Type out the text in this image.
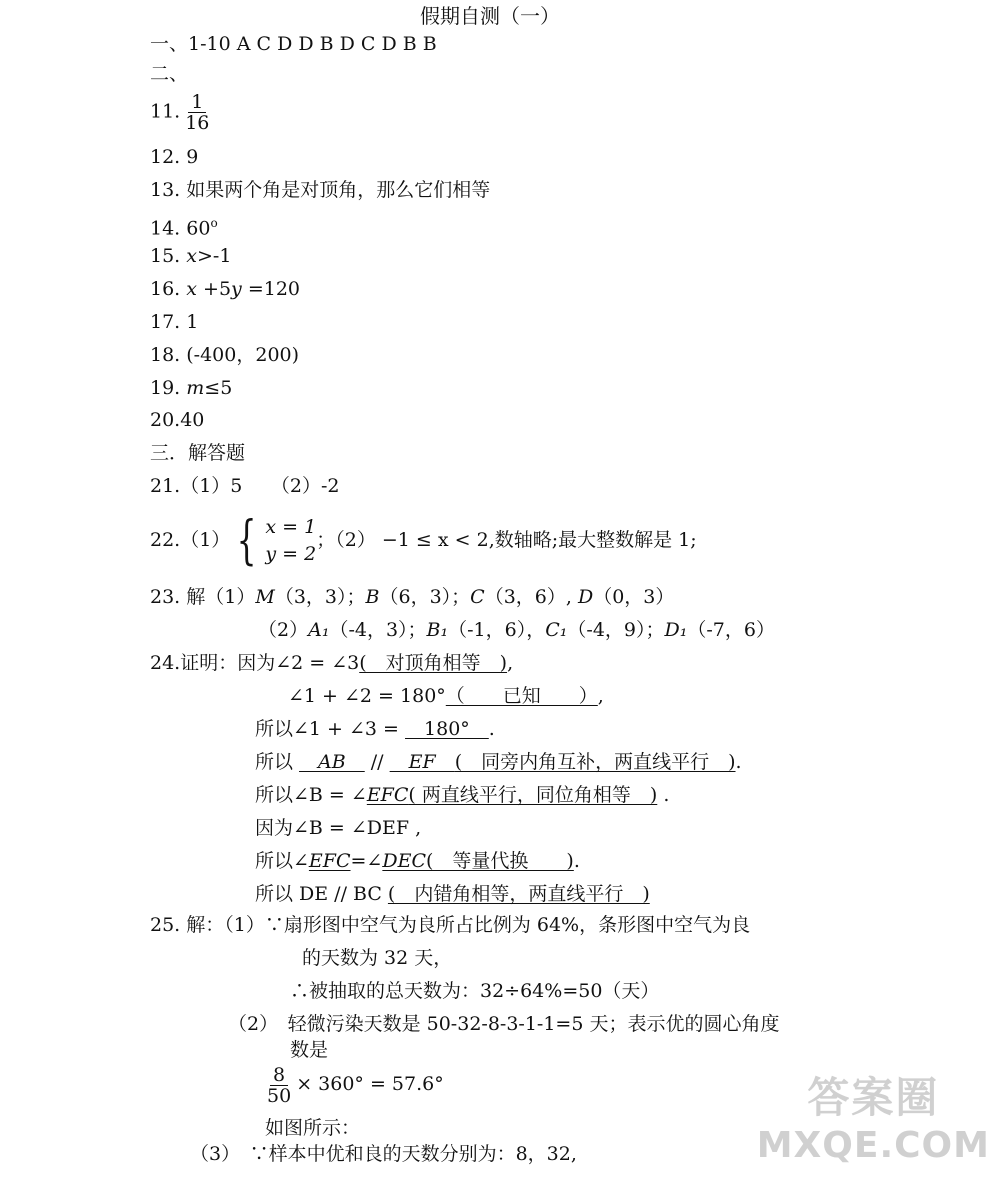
假期自测（一）
一、1-10 A C D D B D C D B B
二、
11. $\frac{1}{16}$
12. 9
13. 如果两个角是对顶角，那么它们相等
14. 60$^o$
15. x>-1
16. x +5y =120
17. 1
18. (-400，200)
19. m≤5
20.40
三．解答题
21.（1）5　　（2）-2
22.（1） { x = 1
y = 2
；（2） −1 ≤ x < 2,数轴略;最大整数解是 1;
23. 解（1）M（3，3）；B（6，3）；C（3，6）, D（0，3）
（2）A₁（-4，3）；B₁（-1，6），C₁（-4，9）；D₁（-7，6）
24.证明：因为∠2 = ∠3(　对顶角相等　),
∠1 + ∠2 = 180°（　　已知　　）,
所以∠1 + ∠3 = 　180°　.
所以 　AB　 // 　EF　(　同旁内角互补，两直线平行　).
所以∠B = ∠EFC( 两直线平行，同位角相等　) .
因为∠B = ∠DEF ,
所以∠EFC=∠DEC(　等量代换　　).
所以 DE // BC (　内错角相等，两直线平行　)
25. 解：（1）∵扇形图中空气为良所占比例为 64%，条形图中空气为良
的天数为 32 天，
∴被抽取的总天数为：32÷64%=50（天）
（2）　轻微污染天数是 50-32-8-3-1-1=5 天；表示优的圆心角度
数是
$\frac{8}{50} \times 360^\circ = 57.6^\circ$
如图所示：
（3）　∵样本中优和良的天数分别为：8，32,
答案圈
MXQE.COM
